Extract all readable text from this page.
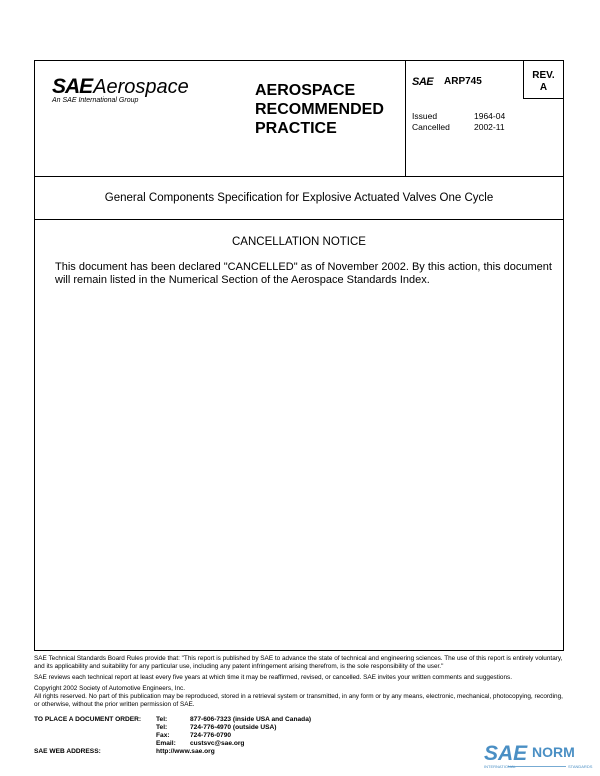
SAEAerospace
An SAE International Group
AEROSPACE
RECOMMENDED
PRACTICE
SAE ARP745
Issued	1964-04
Cancelled	2002-11
REV.
A
General Components Specification for Explosive Actuated Valves One Cycle
CANCELLATION NOTICE
This document has been declared "CANCELLED" as of November 2002. By this action, this document will remain listed in the Numerical Section of the Aerospace Standards Index.

SAE Technical Standards Board Rules provide that: "This report is published by SAE to advance the state of technical and engineering sciences. The use of this report is entirely voluntary, and its applicability and suitability for any particular use, including any patent infringement arising therefrom, is the sole responsibility of the user."

SAE reviews each technical report at least every five years at which time it may be reaffirmed, revised, or cancelled. SAE invites your written comments and suggestions.

Copyright 2002 Society of Automotive Engineers, Inc.

All rights reserved. No part of this publication may be reproduced, stored in a retrieval system or transmitted, in any form or by any means, electronic, mechanical, photocopying, recording, or otherwise, without the prior written permission of SAE.

TO PLACE A DOCUMENT ORDER:	Tel:	877-606-7323 (inside USA and Canada)
Tel:	724-776-4970 (outside USA)
Fax:	724-776-0790
Email:	custsvc@sae.org
SAE WEB ADDRESS:	http://www.sae.org	SAE NORM
INTERNATIONAL	STANDARDS
